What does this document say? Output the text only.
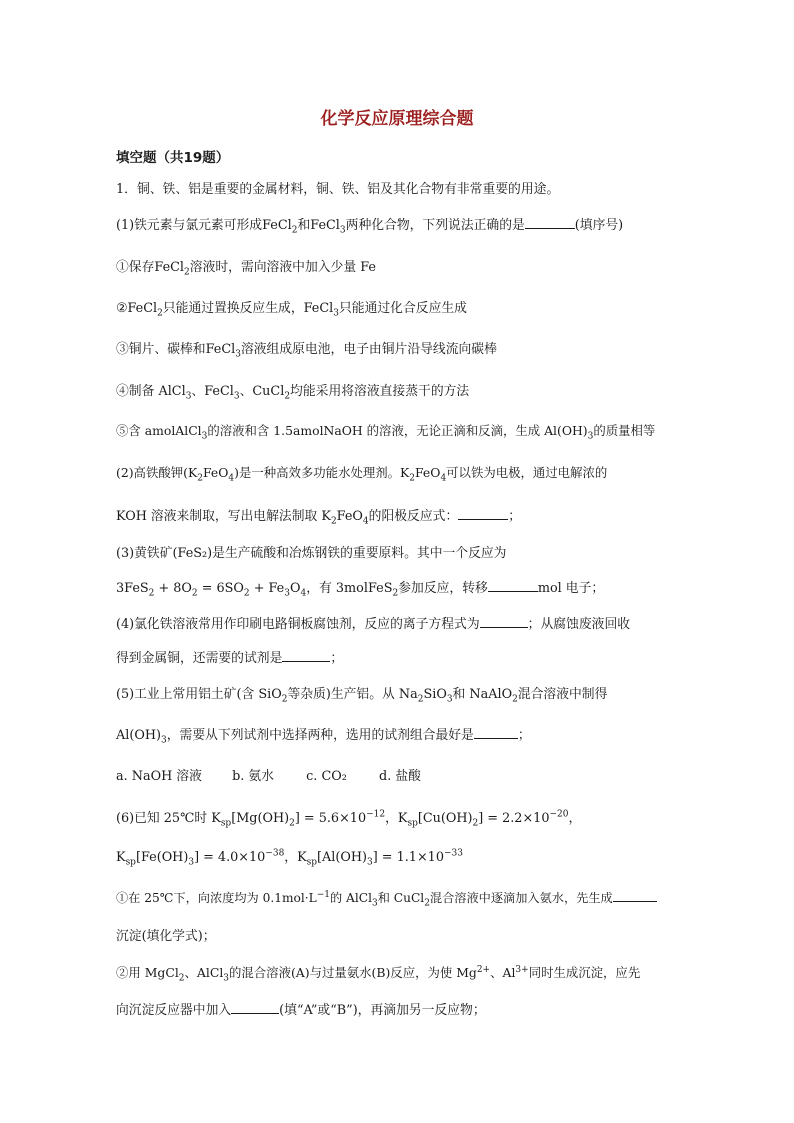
化学反应原理综合题
填空题（共19题）
1．铜、铁、铝是重要的金属材料，铜、铁、铝及其化合物有非常重要的用途。
(1)铁元素与氯元素可形成FeCl$_2$和FeCl$_3$两种化合物，下列说法正确的是	(填序号)
①保存FeCl$_2$溶液时，需向溶液中加入少量 Fe
②FeCl$_2$只能通过置换反应生成，FeCl$_3$只能通过化合反应生成
③铜片、碳棒和FeCl$_3$溶液组成原电池，电子由铜片沿导线流向碳棒
④制备 AlCl$_3$、FeCl$_3$、CuCl$_2$均能采用将溶液直接蒸干的方法
⑤含 amolAlCl$_3$的溶液和含 1.5amolNaOH 的溶液，无论正滴和反滴，生成 $Al(OH)_3$的质量相等
(2)高铁酸钾$(K_2FeO_4)$是一种高效多功能水处理剂。$K_2FeO_4$可以铁为电极，通过电解浓的
KOH 溶液来制取，写出电解法制取 $K_2FeO_4$的阳极反应式：	；
(3)黄铁矿(FeS₂)是生产硫酸和冶炼钢铁的重要原料。其中一个反应为
$3FeS_2 + 8O_2 = 6SO_2 + Fe_3O_4$，有 3molFeS$_2$参加反应，转移	mol 电子；
(4)氯化铁溶液常用作印刷电路铜板腐蚀剂，反应的离子方程式为	；从腐蚀废液回收
得到金属铜，还需要的试剂是	；
(5)工业上常用铝土矿(含 SiO$_2$等杂质)生产铝。从 $Na_2SiO_3$和 NaAlO$_2$混合溶液中制得
$Al(OH)_3$，需要从下列试剂中选择两种，选用的试剂组合最好是	；
a. NaOH 溶液 b. 氨水	c. CO₂	d. 盐酸
(6)已知 25℃时 $K_{sp}[Mg(OH)_2] = 5.6\times 10^{-12}$，$K_{sp}[Cu(OH)_2] = 2.2\times 10^{-20}$，
$K_{sp}[Fe(OH)_3] = 4.0\times 10^{-38}$，$K_{sp}[Al(OH)_3] = 1.1\times 10^{-33}$
①在 25℃下，向浓度均为 $0.1mol\cdot L^{-1}$的 AlCl$_3$和 CuCl$_2$混合溶液中逐滴加入氨水，先生成
沉淀(填化学式)；
②用 MgCl$_2$、AlCl$_3$的混合溶液(A)与过量氨水(B)反应，为使 $Mg^{2+}$、$Al^{3+}$同时生成沉淀，应先
向沉淀反应器中加入	(填“A”或“B”)，再滴加另一反应物；
